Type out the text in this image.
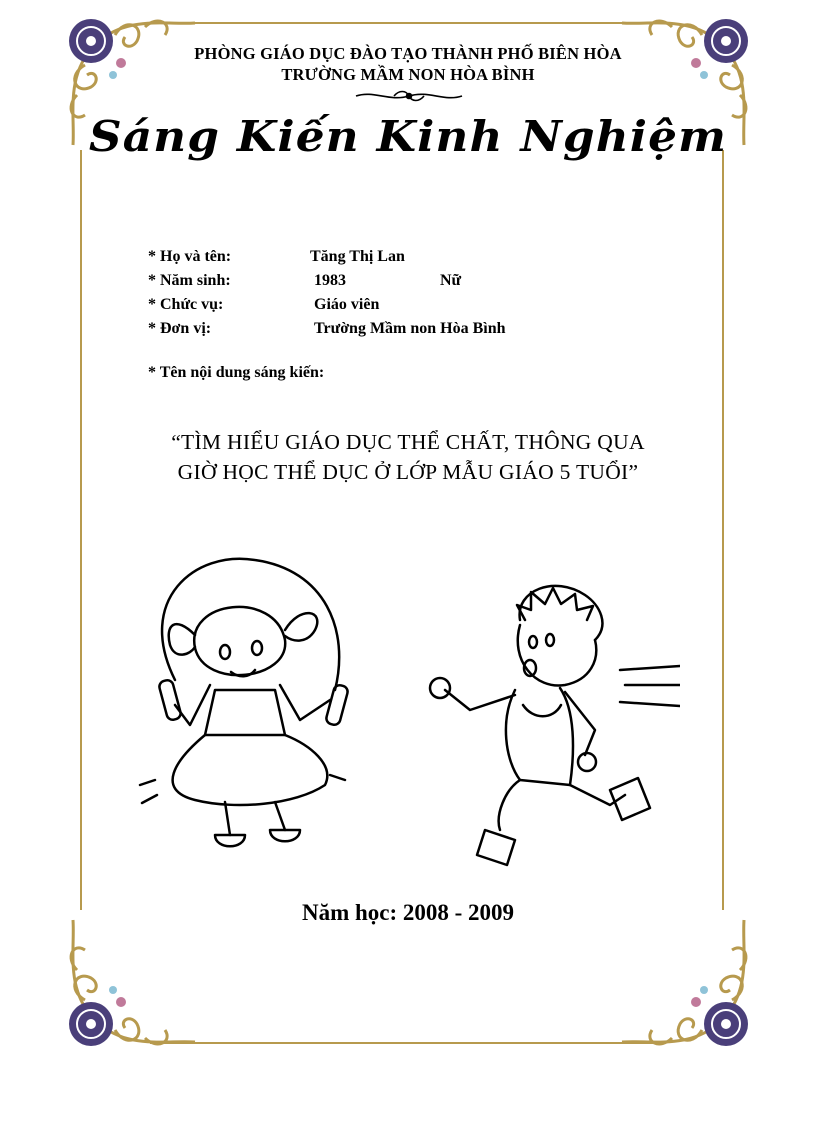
PHÒNG GIÁO DỤC ĐÀO TẠO THÀNH PHỐ BIÊN HÒA
TRƯỜNG MẦM NON HÒA BÌNH
Sáng Kiến Kinh Nghiệm
* Họ và tên:	Tăng Thị Lan
* Năm sinh:	1983	Nữ
* Chức vụ:	Giáo viên
* Đơn vị:	Trường Mầm non Hòa Bình
* Tên nội dung sáng kiến:
“TÌM HIỂU GIÁO DỤC THỂ CHẤT, THÔNG QUA
GIỜ HỌC THỂ DỤC Ở LỚP MẪU GIÁO 5 TUỔI”
Năm học: 2008 - 2009
